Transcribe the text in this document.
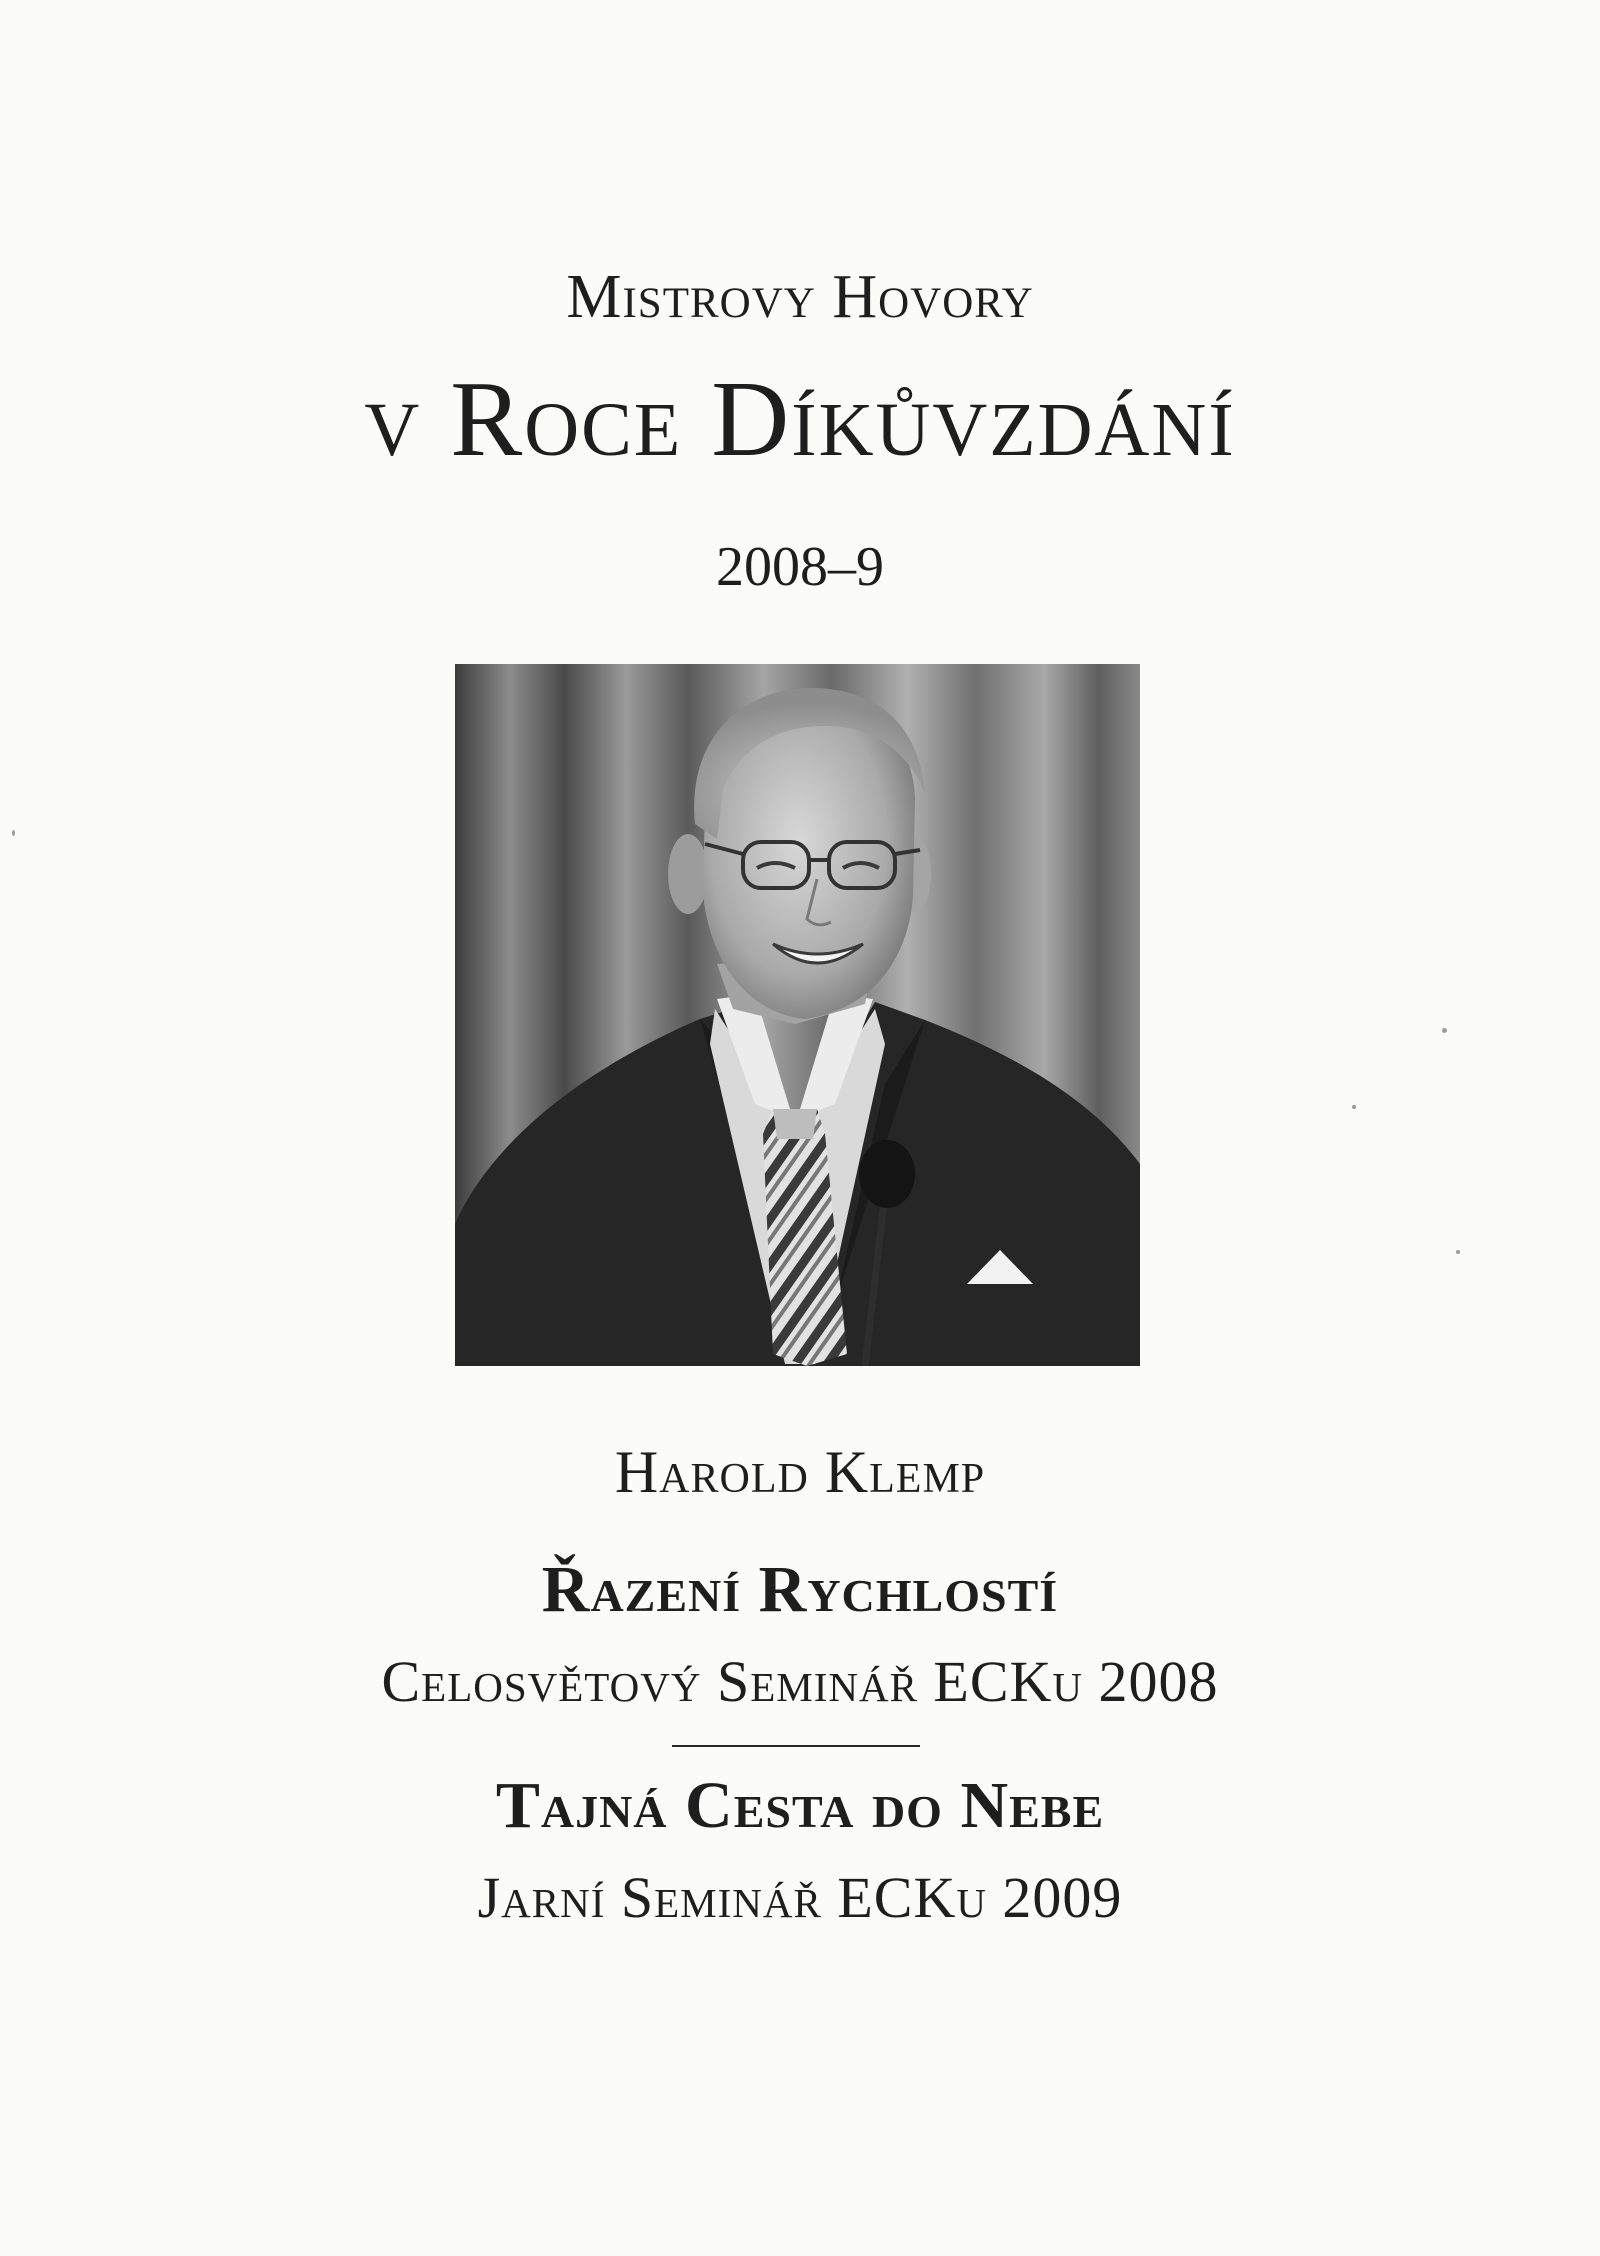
Mistrovy Hovory
v Roce Díkůvzdání
2008–9
Harold Klemp
Řazení Rychlostí
Celosvětový Seminář ECKu 2008
Tajná Cesta do Nebe
Jarní Seminář ECKu 2009
